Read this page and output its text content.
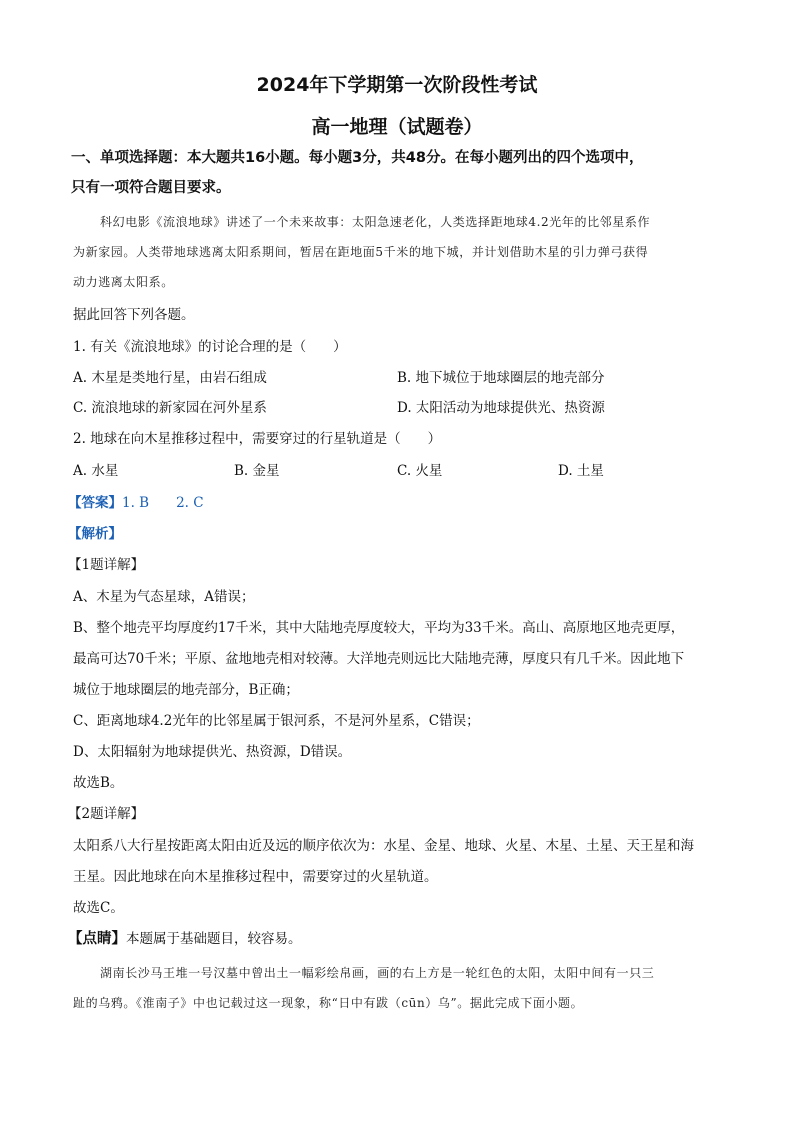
2024年下学期第一次阶段性考试
高一地理（试题卷）
一、单项选择题：本大题共16小题。每小题3分，共48分。在每小题列出的四个选项中，
只有一项符合题目要求。
科幻电影《流浪地球》讲述了一个未来故事：太阳急速老化，人类选择距地球4.2光年的比邻星系作
为新家园。人类带地球逃离太阳系期间，暂居在距地面5千米的地下城，并计划借助木星的引力弹弓获得
动力逃离太阳系。
据此回答下列各题。
1. 有关《流浪地球》的讨论合理的是（　　）
A. 木星是类地行星，由岩石组成	B. 地下城位于地球圈层的地壳部分
C. 流浪地球的新家园在河外星系	D. 太阳活动为地球提供光、热资源
2. 地球在向木星推移过程中，需要穿过的行星轨道是（　　）
A. 水星	B. 金星	C. 火星	D. 土星
【答案】1. B　　2. C
【解析】
【1题详解】
A、木星为气态星球，A错误；
B、整个地壳平均厚度约17千米，其中大陆地壳厚度较大，平均为33千米。高山、高原地区地壳更厚，
最高可达70千米；平原、盆地地壳相对较薄。大洋地壳则远比大陆地壳薄，厚度只有几千米。因此地下
城位于地球圈层的地壳部分，B正确；
C、距离地球4.2光年的比邻星属于银河系，不是河外星系，C错误；
D、太阳辐射为地球提供光、热资源，D错误。
故选B。
【2题详解】
太阳系八大行星按距离太阳由近及远的顺序依次为：水星、金星、地球、火星、木星、土星、天王星和海
王星。因此地球在向木星推移过程中，需要穿过的火星轨道。
故选C。
【点睛】本题属于基础题目，较容易。
湖南长沙马王堆一号汉墓中曾出土一幅彩绘帛画，画的右上方是一轮红色的太阳，太阳中间有一只三
趾的乌鸦。《淮南子》中也记载过这一现象，称“日中有跋（cūn）乌”。据此完成下面小题。
